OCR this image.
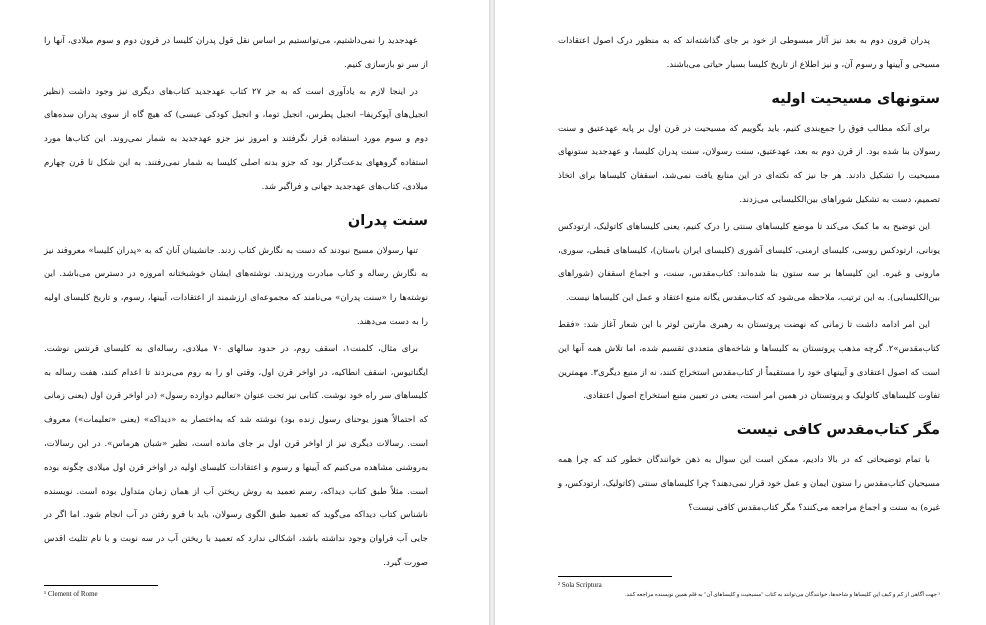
عهدجدید را نمی‌داشتیم، می‌توانستیم بر اساس نقل قول پدران کلیسا در قرون دوم و سوم میلادی، آنها را از سر نو بازسازی کنیم.

در اینجا لازم به یادآوری است که به جز ۲۷ کتاب عهدجدید کتاب‌های دیگری نیز وجود داشت (نظیر انجیل‌های آپوکریفا– انجیل پطرس، انجیل توما، و انجیل کودکی عیسی) که هیچ گاه از سوی پدران سده‌های دوم و سوم مورد استفاده قرار نگرفتند و امروز نیز جزو عهدجدید به شمار نمی‌روند. این کتاب‌ها مورد استفاده گروههای بدعت‌گزار بود که جزو بدنه اصلی کلیسا به شمار نمی‌رفتند. به این شکل تا قرن چهارم میلادی، کتاب‌های عهدجدید جهانی و فراگیر شد.

سنت پدران

تنها رسولان مسیح نبودند که دست به نگارش کتاب زدند. جانشینان آنان که به «پدران کلیسا» معروفند نیز به نگارش رساله و کتاب مبادرت ورزیدند. نوشته‌های ایشان خوشبختانه امروزه در دسترس می‌باشد. این نوشته‌ها را «سنت پدران» می‌نامند که مجموعه‌ای ارزشمند از اعتقادات، آیینها، رسوم، و تاریخ کلیسای اولیه را به دست می‌دهند.

برای مثال، کلمنت۱، اسقف روم، در حدود سالهای ۷۰ میلادی، رساله‌ای به کلیسای قرنتس نوشت. ایگناتیوس، اسقف انطاکیه، در اواخر قرن اول، وقتی او را به روم می‌بردند تا اعدام کنند، هفت رساله به کلیساهای سر راه خود نوشت. کتابی نیز تحت عنوان «تعالیم دوازده رسول» (در اواخر قرن اول (یعنی زمانی که احتمالاً هنوز یوحنای رسول زنده بود) نوشته شد که به‌اختصار به «دیداکه» (یعنی «تعلیمات») معروف است. رسالات دیگری نیز از اواخر قرن اول بر جای مانده است، نظیر «شبان هرماس». در این رسالات، به‌روشنی مشاهده می‌کنیم که آیینها و رسوم و اعتقادات کلیسای اولیه در اواخر قرن اول میلادی چگونه بوده است. مثلاً طبق کتاب دیداکه، رسم تعمید به روش ریختن آب از همان زمان متداول بوده است. نویسنده ناشناس کتاب دیداکه می‌گوید که تعمید طبق الگوی رسولان، باید با فرو رفتن در آب انجام شود. اما اگر در جایی آب فراوان وجود نداشته باشد، اشکالی ندارد که تعمید با ریختن آب در سه نوبت و با نام تثلیث اقدس صورت گیرد.

¹ Clement of Rome

پدران قرون دوم به بعد نیز آثار مبسوطی از خود بر جای گذاشته‌اند که به منظور درک اصول اعتقادات مسیحی و آیینها و رسوم آن، و نیز اطلاع از تاریخ کلیسا بسیار حیاتی می‌باشند.

ستونهای مسیحیت اولیه

برای آنکه مطالب فوق را جمع‌بندی کنیم، باید بگوییم که مسیحیت در قرن اول بر پایه عهدعتیق و سنت رسولان بنا شده بود. از قرن دوم به بعد، عهدعتیق، سنت رسولان، سنت پدران کلیسا، و عهدجدید ستونهای مسیحیت را تشکیل دادند. هر جا نیز که نکته‌ای در این منابع یافت نمی‌شد، اسقفان کلیساها برای اتخاذ تصمیم، دست به تشکیل شوراهای بین‌الکلیسایی می‌زدند.

این توضیح به ما کمک می‌کند تا موضع کلیساهای سنتی را درک کنیم، یعنی کلیساهای کاتولیک، ارتودکس یونانی، ارتودکس روسی، کلیسای ارمنی، کلیسای آشوری (کلیسای ایران باستان)، کلیساهای قبطی، سوری، مارونی و غیره. این کلیساها بر سه ستون بنا شده‌اند: کتاب‌مقدس، سنت، و اجماع اسقفان (شوراهای بین‌الکلیسایی). به این ترتیب، ملاحظه می‌شود که کتاب‌مقدس یگانه منبع اعتقاد و عمل این کلیساها نیست.

این امر ادامه داشت تا زمانی که نهضت پروتستان به رهبری مارتین لوتر با این شعار آغاز شد: «فقط کتاب‌مقدس»۲. گرچه مذهب پروتستان به کلیساها و شاخه‌های متعددی تقسیم شده، اما تلاش همه آنها این است که اصول اعتقادی و آیینهای خود را مستقیماً از کتاب‌مقدس استخراج کنند، نه از منبع دیگری۳. مهمترین تفاوت کلیساهای کاتولیک و پروتستان در همین امر است، یعنی در تعیین منبع استخراج اصول اعتقادی.

مگر کتاب‌مقدس کافی نیست

با تمام توضیحاتی که در بالا دادیم، ممکن است این سوال به ذهن خوانندگان خطور کند که چرا همه مسیحیان کتاب‌مقدس را ستون ایمان و عمل خود قرار نمی‌دهند؟ چرا کلیساهای سنتی (کاتولیک، ارتودکس، و غیره) به سنت و اجماع مراجعه می‌کنند؟ مگر کتاب‌مقدس کافی نیست؟

² Sola Scriptura
³ جهت آگاهی از کم و کیف این کلیساها و شاخه‌ها، خوانندگان می‌توانند به کتاب "مسیحیت و کلیساهای آن" به قلم همین نویسنده مراجعه کنند.
